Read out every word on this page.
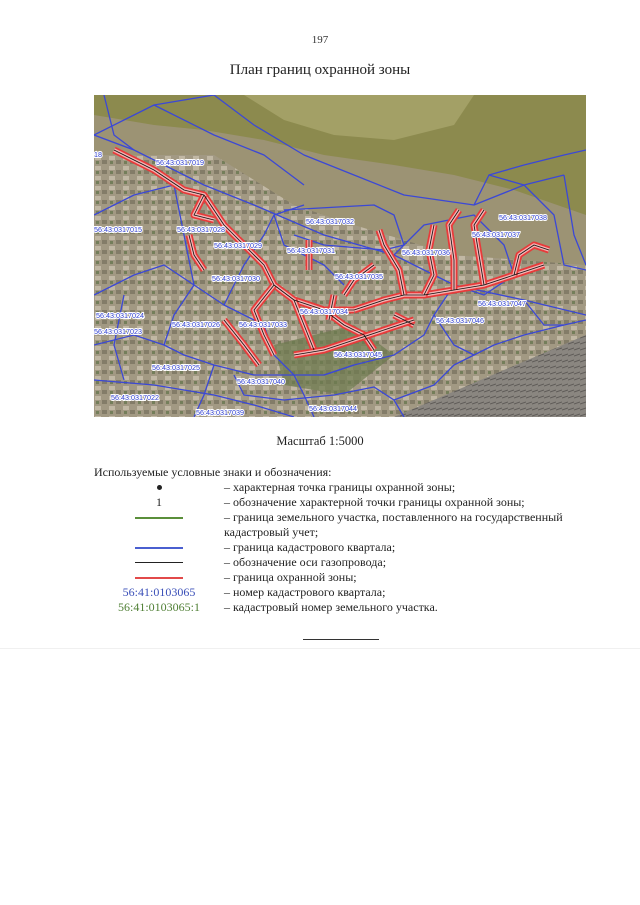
197
План границ охранной зоны
56:43:0317019
56:43:0317028
56:43:0317029
56:43:0317030
56:43:0317033
56:43:0317032
56:43:0317031
56:43:0317035
56:43:0317034
56:43:0317036
56:43:0317037
56:43:0317038
56:43:0317047
56:43:0317046
56:43:0317045
56:43:0317026
56:43:0317024
56:43:0317023
56:43:0317025
56:43:0317040
56:43:0317022
56:43:0317039	56:43:0317044
56:43:0317015
18
Масштаб 1:5000
Используемые условные знаки и обозначения:
– характерная точка границы охранной зоны;
1	– обозначение характерной точки границы охранной зоны;
– граница земельного участка, поставленного на государственный кадастровый учет;
– граница кадастрового квартала;
– обозначение оси газопровода;
– граница охранной зоны;
56:41:0103065	– номер кадастрового квартала;
56:41:0103065:1	– кадастровый номер земельного участка.
